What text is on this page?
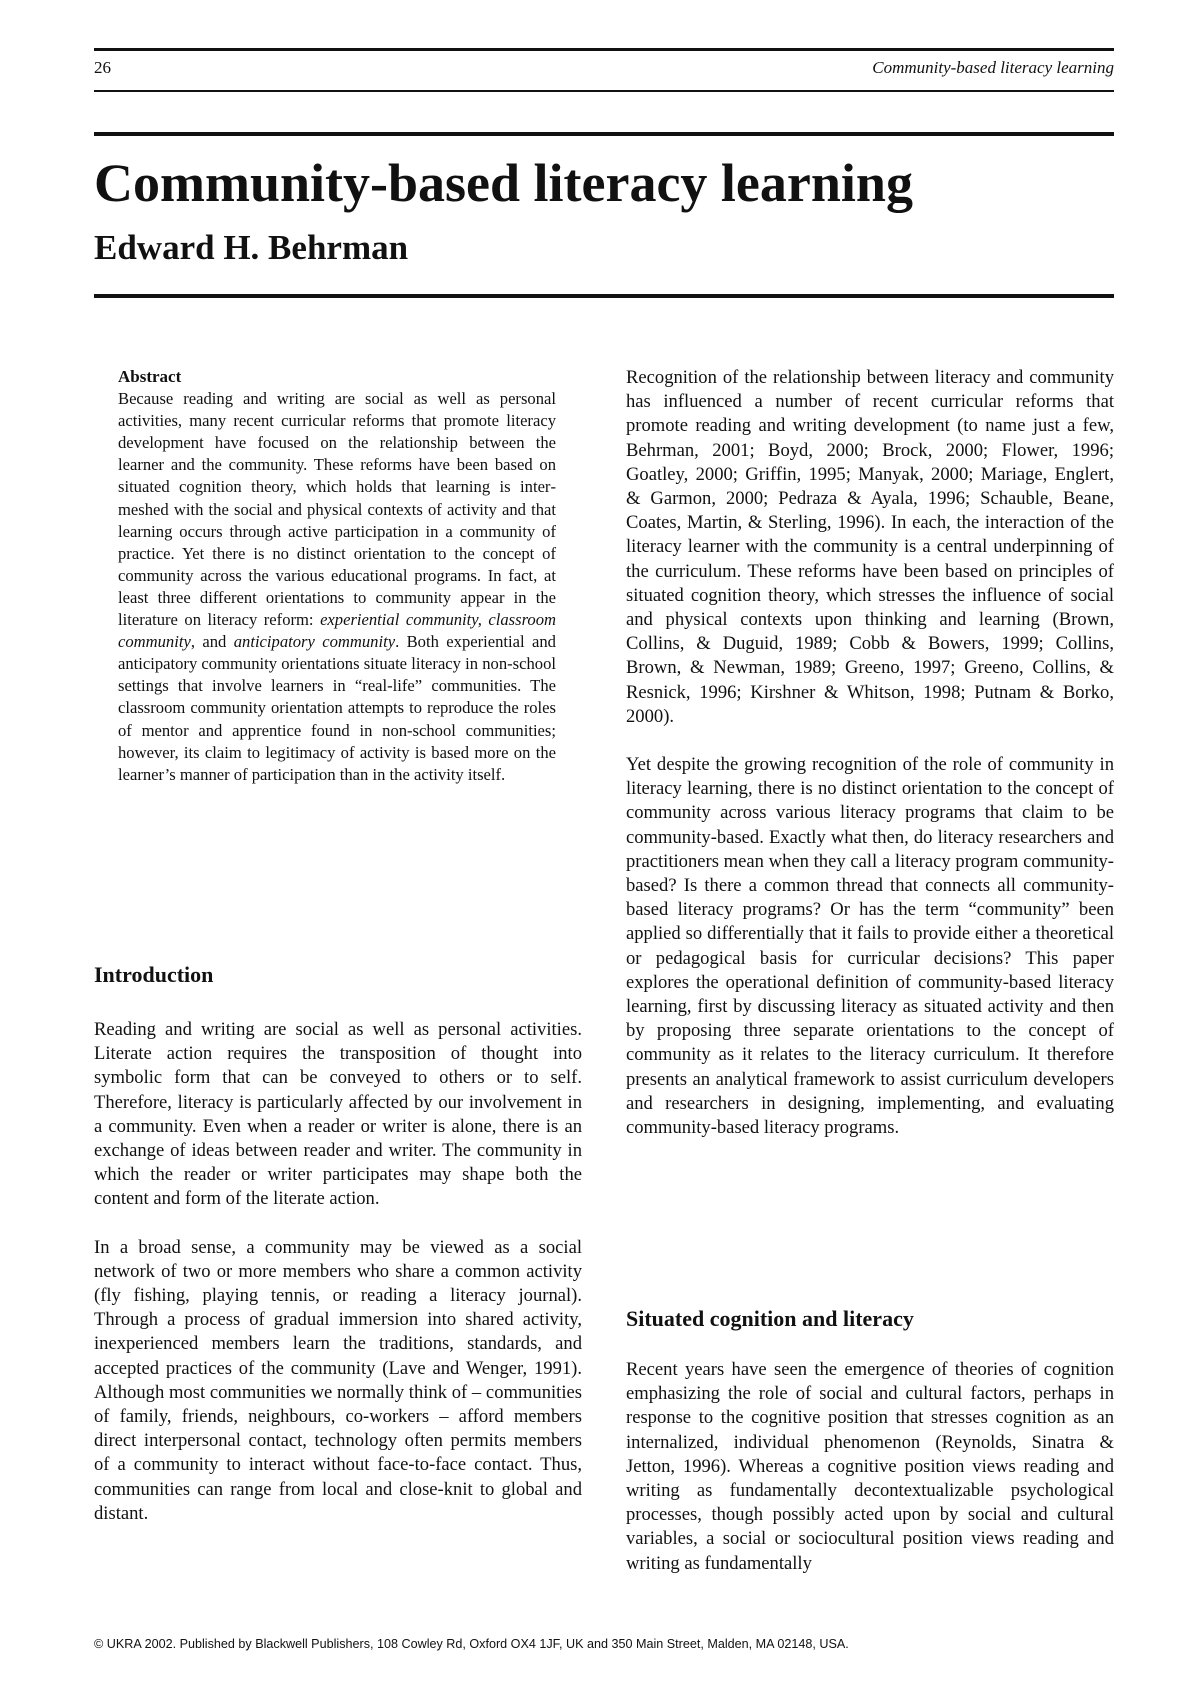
26	Community-based literacy learning
Community-based literacy learning
Edward H. Behrman

Abstract

Because reading and writing are social as well as personal activities, many recent curricular reforms that promote literacy development have focused on the relationship between the learner and the community. These reforms have been based on situated cognition theory, which holds that learning is intermeshed with the social and physical contexts of activity and that learning occurs through active participation in a community of practice. Yet there is no distinct orientation to the concept of community across the various educational programs. In fact, at least three different orientations to community appear in the literature on literacy reform: experiential community, classroom community, and anticipatory community. Both experiential and anticipatory community orientations situate literacy in non-school settings that involve learners in “real-life” communities. The classroom community orientation attempts to reproduce the roles of mentor and apprentice found in non-school communities; however, its claim to legitimacy of activity is based more on the learner’s manner of participation than in the activity itself.

Introduction

Reading and writing are social as well as personal activities. Literate action requires the transposition of thought into symbolic form that can be conveyed to others or to self. Therefore, literacy is particularly affected by our involvement in a community. Even when a reader or writer is alone, there is an exchange of ideas between reader and writer. The community in which the reader or writer participates may shape both the content and form of the literate action.

In a broad sense, a community may be viewed as a social network of two or more members who share a common activity (fly fishing, playing tennis, or reading a literacy journal). Through a process of gradual immersion into shared activity, inexperienced members learn the traditions, standards, and accepted practices of the community (Lave and Wenger, 1991). Although most communities we normally think of – communities of family, friends, neighbours, co-workers – afford members direct interpersonal contact, technology often permits members of a community to interact without face-to-face contact. Thus, communities can range from local and close-knit to global and distant.

Recognition of the relationship between literacy and community has influenced a number of recent curricular reforms that promote reading and writing development (to name just a few, Behrman, 2001; Boyd, 2000; Brock, 2000; Flower, 1996; Goatley, 2000; Griffin, 1995; Manyak, 2000; Mariage, Englert, & Garmon, 2000; Pedraza & Ayala, 1996; Schauble, Beane, Coates, Martin, & Sterling, 1996). In each, the interaction of the literacy learner with the community is a central underpinning of the curriculum. These reforms have been based on principles of situated cognition theory, which stresses the influence of social and physical contexts upon thinking and learning (Brown, Collins, & Duguid, 1989; Cobb & Bowers, 1999; Collins, Brown, & Newman, 1989; Greeno, 1997; Greeno, Collins, & Resnick, 1996; Kirshner & Whitson, 1998; Putnam & Borko, 2000).

Yet despite the growing recognition of the role of community in literacy learning, there is no distinct orientation to the concept of community across various literacy programs that claim to be community-based. Exactly what then, do literacy researchers and practitioners mean when they call a literacy program community-based? Is there a common thread that connects all community-based literacy programs? Or has the term “community” been applied so differentially that it fails to provide either a theoretical or pedagogical basis for curricular decisions? This paper explores the operational definition of community-based literacy learning, first by discussing literacy as situated activity and then by proposing three separate orientations to the concept of community as it relates to the literacy curriculum. It therefore presents an analytical framework to assist curriculum developers and researchers in designing, implementing, and evaluating community-based literacy programs.

Situated cognition and literacy

Recent years have seen the emergence of theories of cognition emphasizing the role of social and cultural factors, perhaps in response to the cognitive position that stresses cognition as an internalized, individual phenomenon (Reynolds, Sinatra & Jetton, 1996). Whereas a cognitive position views reading and writing as fundamentally decontextualizable psychological processes, though possibly acted upon by social and cultural variables, a social or sociocultural position views reading and writing as fundamentally

© UKRA 2002. Published by Blackwell Publishers, 108 Cowley Rd, Oxford OX4 1JF, UK and 350 Main Street, Malden, MA 02148, USA.
